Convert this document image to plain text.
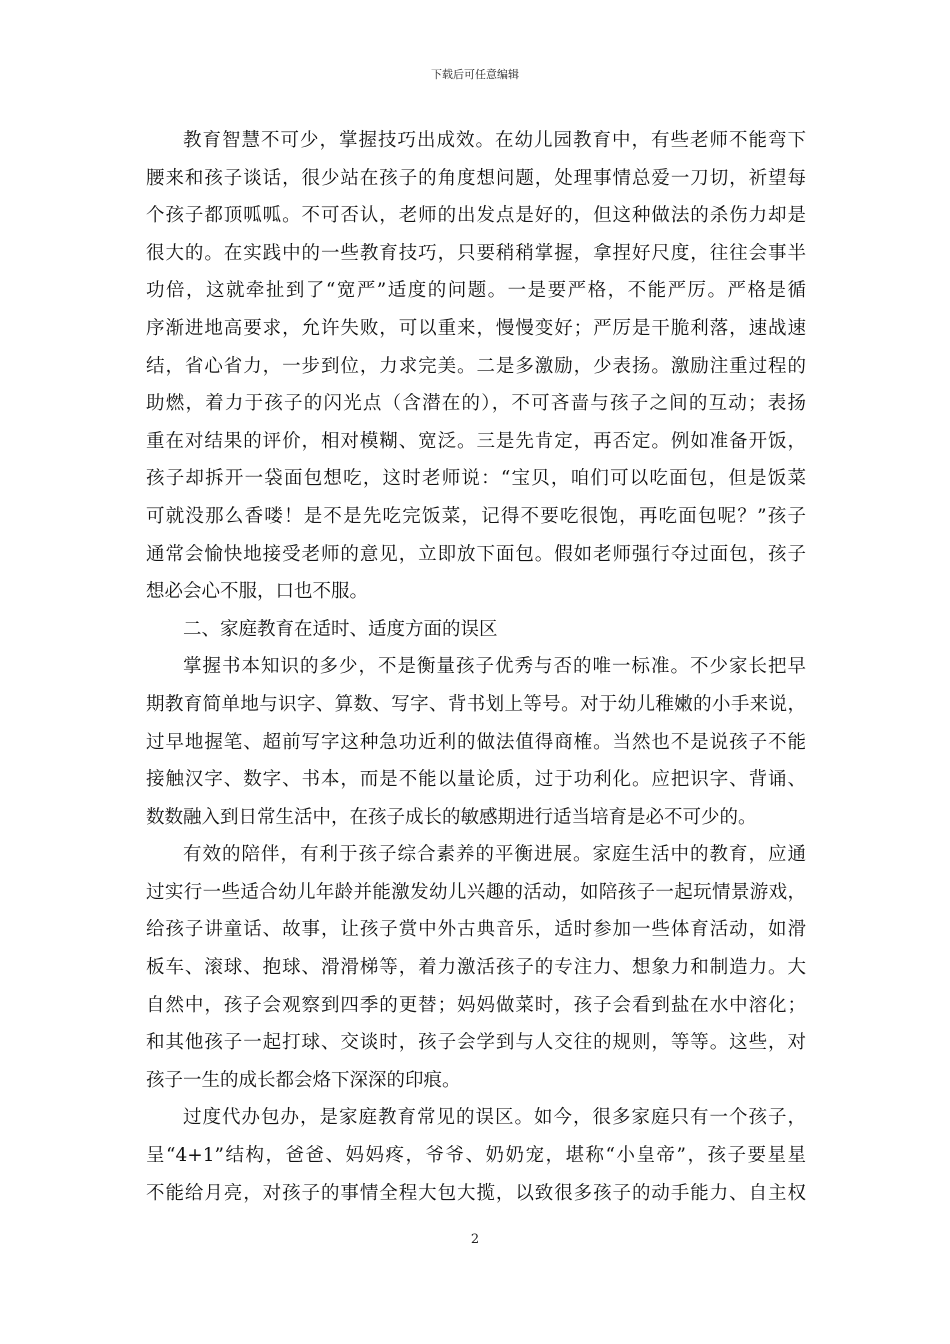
下载后可任意编辑
教育智慧不可少，掌握技巧出成效。在幼儿园教育中，有些老师不能弯下
腰来和孩子谈话，很少站在孩子的角度想问题，处理事情总爱一刀切，祈望每
个孩子都顶呱呱。不可否认，老师的出发点是好的，但这种做法的杀伤力却是
很大的。在实践中的一些教育技巧，只要稍稍掌握，拿捏好尺度，往往会事半
功倍，这就牵扯到了“宽严”适度的问题。一是要严格，不能严厉。严格是循
序渐进地高要求，允许失败，可以重来，慢慢变好；严厉是干脆利落，速战速
结，省心省力，一步到位，力求完美。二是多激励，少表扬。激励注重过程的
助燃，着力于孩子的闪光点（含潜在的），不可吝啬与孩子之间的互动；表扬
重在对结果的评价，相对模糊、宽泛。三是先肯定，再否定。例如准备开饭，
孩子却拆开一袋面包想吃，这时老师说：“宝贝，咱们可以吃面包，但是饭菜
可就没那么香喽！是不是先吃完饭菜，记得不要吃很饱，再吃面包呢？”孩子
通常会愉快地接受老师的意见，立即放下面包。假如老师强行夺过面包，孩子
想必会心不服，口也不服。
二、家庭教育在适时、适度方面的误区
掌握书本知识的多少，不是衡量孩子优秀与否的唯一标准。不少家长把早
期教育简单地与识字、算数、写字、背书划上等号。对于幼儿稚嫩的小手来说，
过早地握笔、超前写字这种急功近利的做法值得商榷。当然也不是说孩子不能
接触汉字、数字、书本，而是不能以量论质，过于功利化。应把识字、背诵、
数数融入到日常生活中，在孩子成长的敏感期进行适当培育是必不可少的。
有效的陪伴，有利于孩子综合素养的平衡进展。家庭生活中的教育，应通
过实行一些适合幼儿年龄并能激发幼儿兴趣的活动，如陪孩子一起玩情景游戏，
给孩子讲童话、故事，让孩子赏中外古典音乐，适时参加一些体育活动，如滑
板车、滚球、抱球、滑滑梯等，着力激活孩子的专注力、想象力和制造力。大
自然中，孩子会观察到四季的更替；妈妈做菜时，孩子会看到盐在水中溶化；
和其他孩子一起打球、交谈时，孩子会学到与人交往的规则，等等。这些，对
孩子一生的成长都会烙下深深的印痕。
过度代办包办，是家庭教育常见的误区。如今，很多家庭只有一个孩子，
呈“4+1”结构，爸爸、妈妈疼，爷爷、奶奶宠，堪称“小皇帝”，孩子要星星
不能给月亮，对孩子的事情全程大包大揽，以致很多孩子的动手能力、自主权
2
